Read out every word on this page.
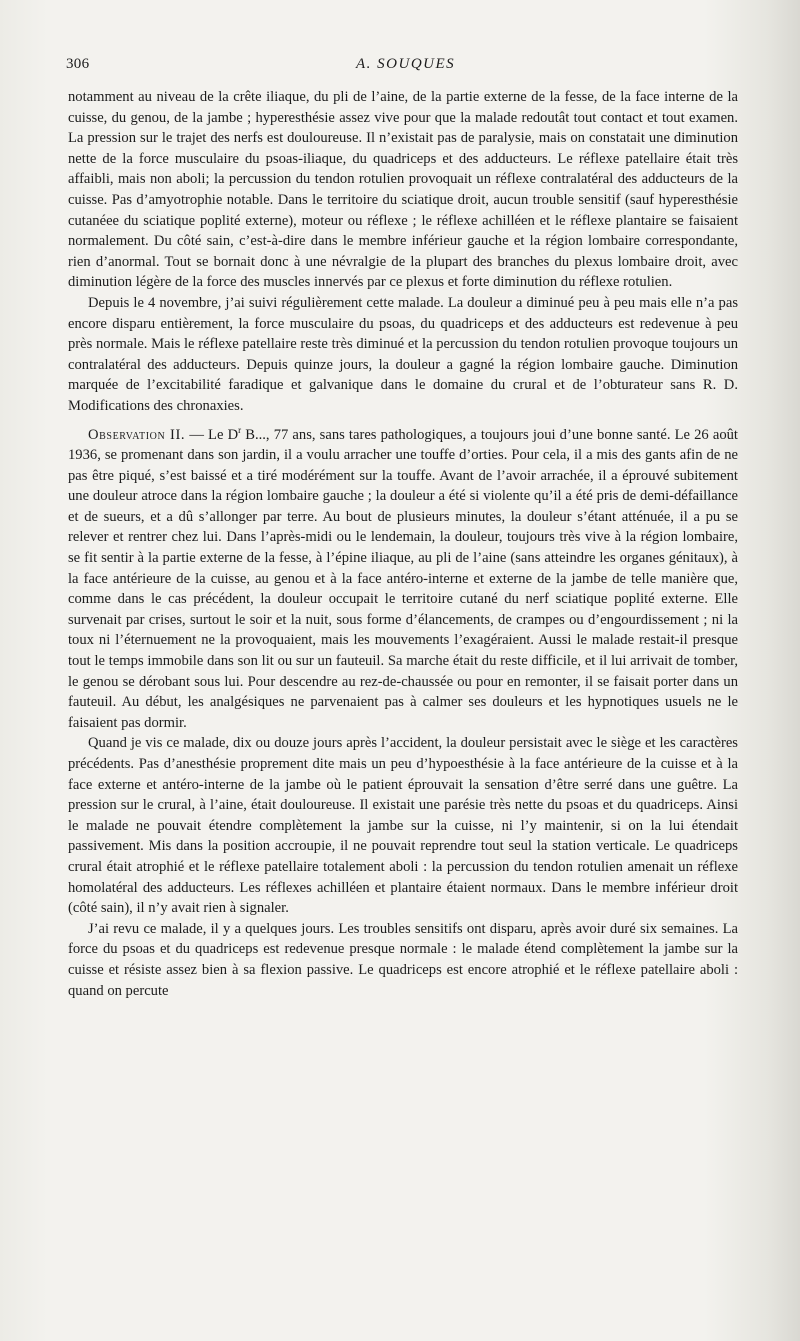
306	A. SOUQUES

notamment au niveau de la crête iliaque, du pli de l’aine, de la partie externe de la fesse, de la face interne de la cuisse, du genou, de la jambe ; hyperesthésie assez vive pour que la malade redoutât tout contact et tout examen. La pression sur le trajet des nerfs est douloureuse. Il n’existait pas de paralysie, mais on constatait une diminution nette de la force musculaire du psoas-iliaque, du quadriceps et des adducteurs. Le réflexe patellaire était très affaibli, mais non aboli; la percussion du tendon rotulien provoquait un réflexe contralatéral des adducteurs de la cuisse. Pas d’amyotrophie notable. Dans le territoire du sciatique droit, aucun trouble sensitif (sauf hyperesthésie cutanéee du sciatique poplité externe), moteur ou réflexe ; le réflexe achilléen et le réflexe plantaire se faisaient normalement. Du côté sain, c’est-à-dire dans le membre inférieur gauche et la région lombaire correspondante, rien d’anormal. Tout se bornait donc à une névralgie de la plupart des branches du plexus lombaire droit, avec diminution légère de la force des muscles innervés par ce plexus et forte diminution du réflexe rotulien.

Depuis le 4 novembre, j’ai suivi régulièrement cette malade. La douleur a diminué peu à peu mais elle n’a pas encore disparu entièrement, la force musculaire du psoas, du quadriceps et des adducteurs est redevenue à peu près normale. Mais le réflexe patellaire reste très diminué et la percussion du tendon rotulien provoque toujours un contralatéral des adducteurs. Depuis quinze jours, la douleur a gagné la région lombaire gauche. Diminution marquée de l’excitabilité faradique et galvanique dans le domaine du crural et de l’obturateur sans R. D. Modifications des chronaxies.

Observation II. — Le $D^r$ B..., 77 ans, sans tares pathologiques, a toujours joui d’une bonne santé. Le 26 août 1936, se promenant dans son jardin, il a voulu arracher une touffe d’orties. Pour cela, il a mis des gants afin de ne pas être piqué, s’est baissé et a tiré modérément sur la touffe. Avant de l’avoir arrachée, il a éprouvé subitement une douleur atroce dans la région lombaire gauche ; la douleur a été si violente qu’il a été pris de demi-défaillance et de sueurs, et a dû s’allonger par terre. Au bout de plusieurs minutes, la douleur s’étant atténuée, il a pu se relever et rentrer chez lui. Dans l’après-midi ou le lendemain, la douleur, toujours très vive à la région lombaire, se fit sentir à la partie externe de la fesse, à l’épine iliaque, au pli de l’aine (sans atteindre les organes génitaux), à la face antérieure de la cuisse, au genou et à la face antéro-interne et externe de la jambe de telle manière que, comme dans le cas précédent, la douleur occupait le territoire cutané du nerf sciatique poplité externe. Elle survenait par crises, surtout le soir et la nuit, sous forme d’élancements, de crampes ou d’engourdissement ; ni la toux ni l’éternuement ne la provoquaient, mais les mouvements l’exagéraient. Aussi le malade restait-il presque tout le temps immobile dans son lit ou sur un fauteuil. Sa marche était du reste difficile, et il lui arrivait de tomber, le genou se dérobant sous lui. Pour descendre au rez-de-chaussée ou pour en remonter, il se faisait porter dans un fauteuil. Au début, les analgésiques ne parvenaient pas à calmer ses douleurs et les hypnotiques usuels ne le faisaient pas dormir.

Quand je vis ce malade, dix ou douze jours après l’accident, la douleur persistait avec le siège et les caractères précédents. Pas d’anesthésie proprement dite mais un peu d’hypoesthésie à la face antérieure de la cuisse et à la face externe et antéro-interne de la jambe où le patient éprouvait la sensation d’être serré dans une guêtre. La pression sur le crural, à l’aine, était douloureuse. Il existait une parésie très nette du psoas et du quadriceps. Ainsi le malade ne pouvait étendre complètement la jambe sur la cuisse, ni l’y maintenir, si on la lui étendait passivement. Mis dans la position accroupie, il ne pouvait reprendre tout seul la station verticale. Le quadriceps crural était atrophié et le réflexe patellaire totalement aboli : la percussion du tendon rotulien amenait un réflexe homolatéral des adducteurs. Les réflexes achilléen et plantaire étaient normaux. Dans le membre inférieur droit (côté sain), il n’y avait rien à signaler.

J’ai revu ce malade, il y a quelques jours. Les troubles sensitifs ont disparu, après avoir duré six semaines. La force du psoas et du quadriceps est redevenue presque normale : le malade étend complètement la jambe sur la cuisse et résiste assez bien à sa flexion passive. Le quadriceps est encore atrophié et le réflexe patellaire aboli : quand on percute
